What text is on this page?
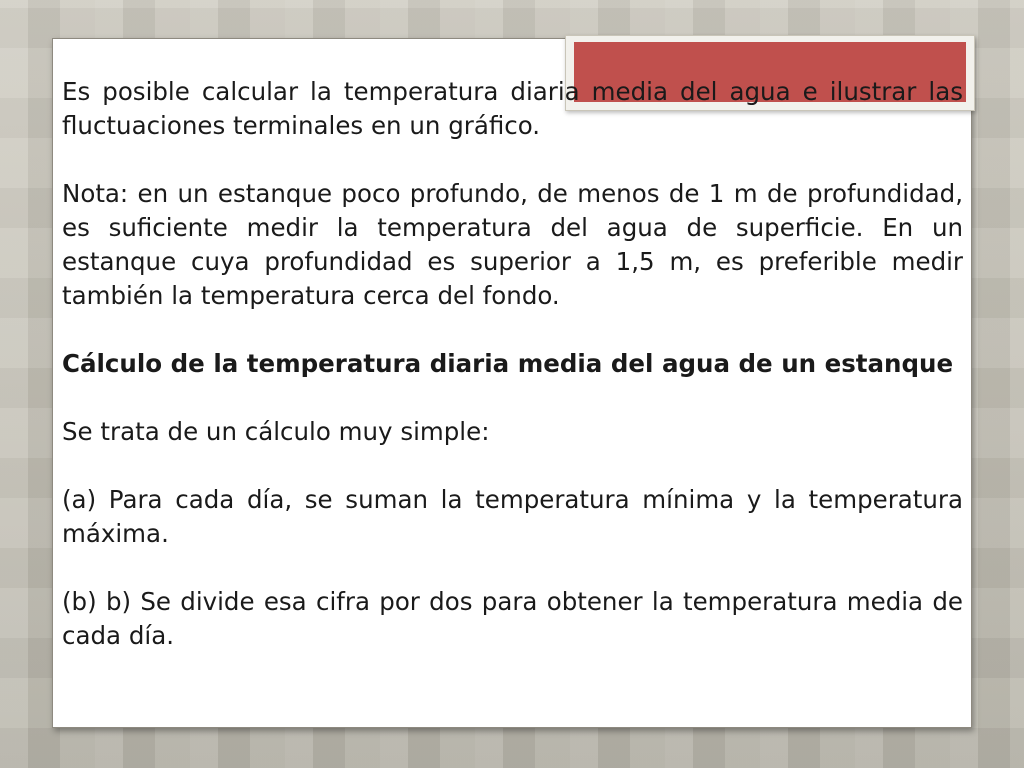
Es posible calcular la temperatura diaria media del agua e ilustrar las fluctuaciones terminales en un gráfico.

Nota: en un estanque poco profundo, de menos de 1 m de profundidad, es suficiente medir la temperatura del agua de superficie. En un estanque cuya profundidad es superior a 1,5 m, es preferible medir también la temperatura cerca del fondo.

Cálculo de la temperatura diaria media del agua de un estanque

Se trata de un cálculo muy simple:

(a) Para cada día, se suman la temperatura mínima y la temperatura máxima.

(b) b) Se divide esa cifra por dos para obtener la temperatura media de cada día.
